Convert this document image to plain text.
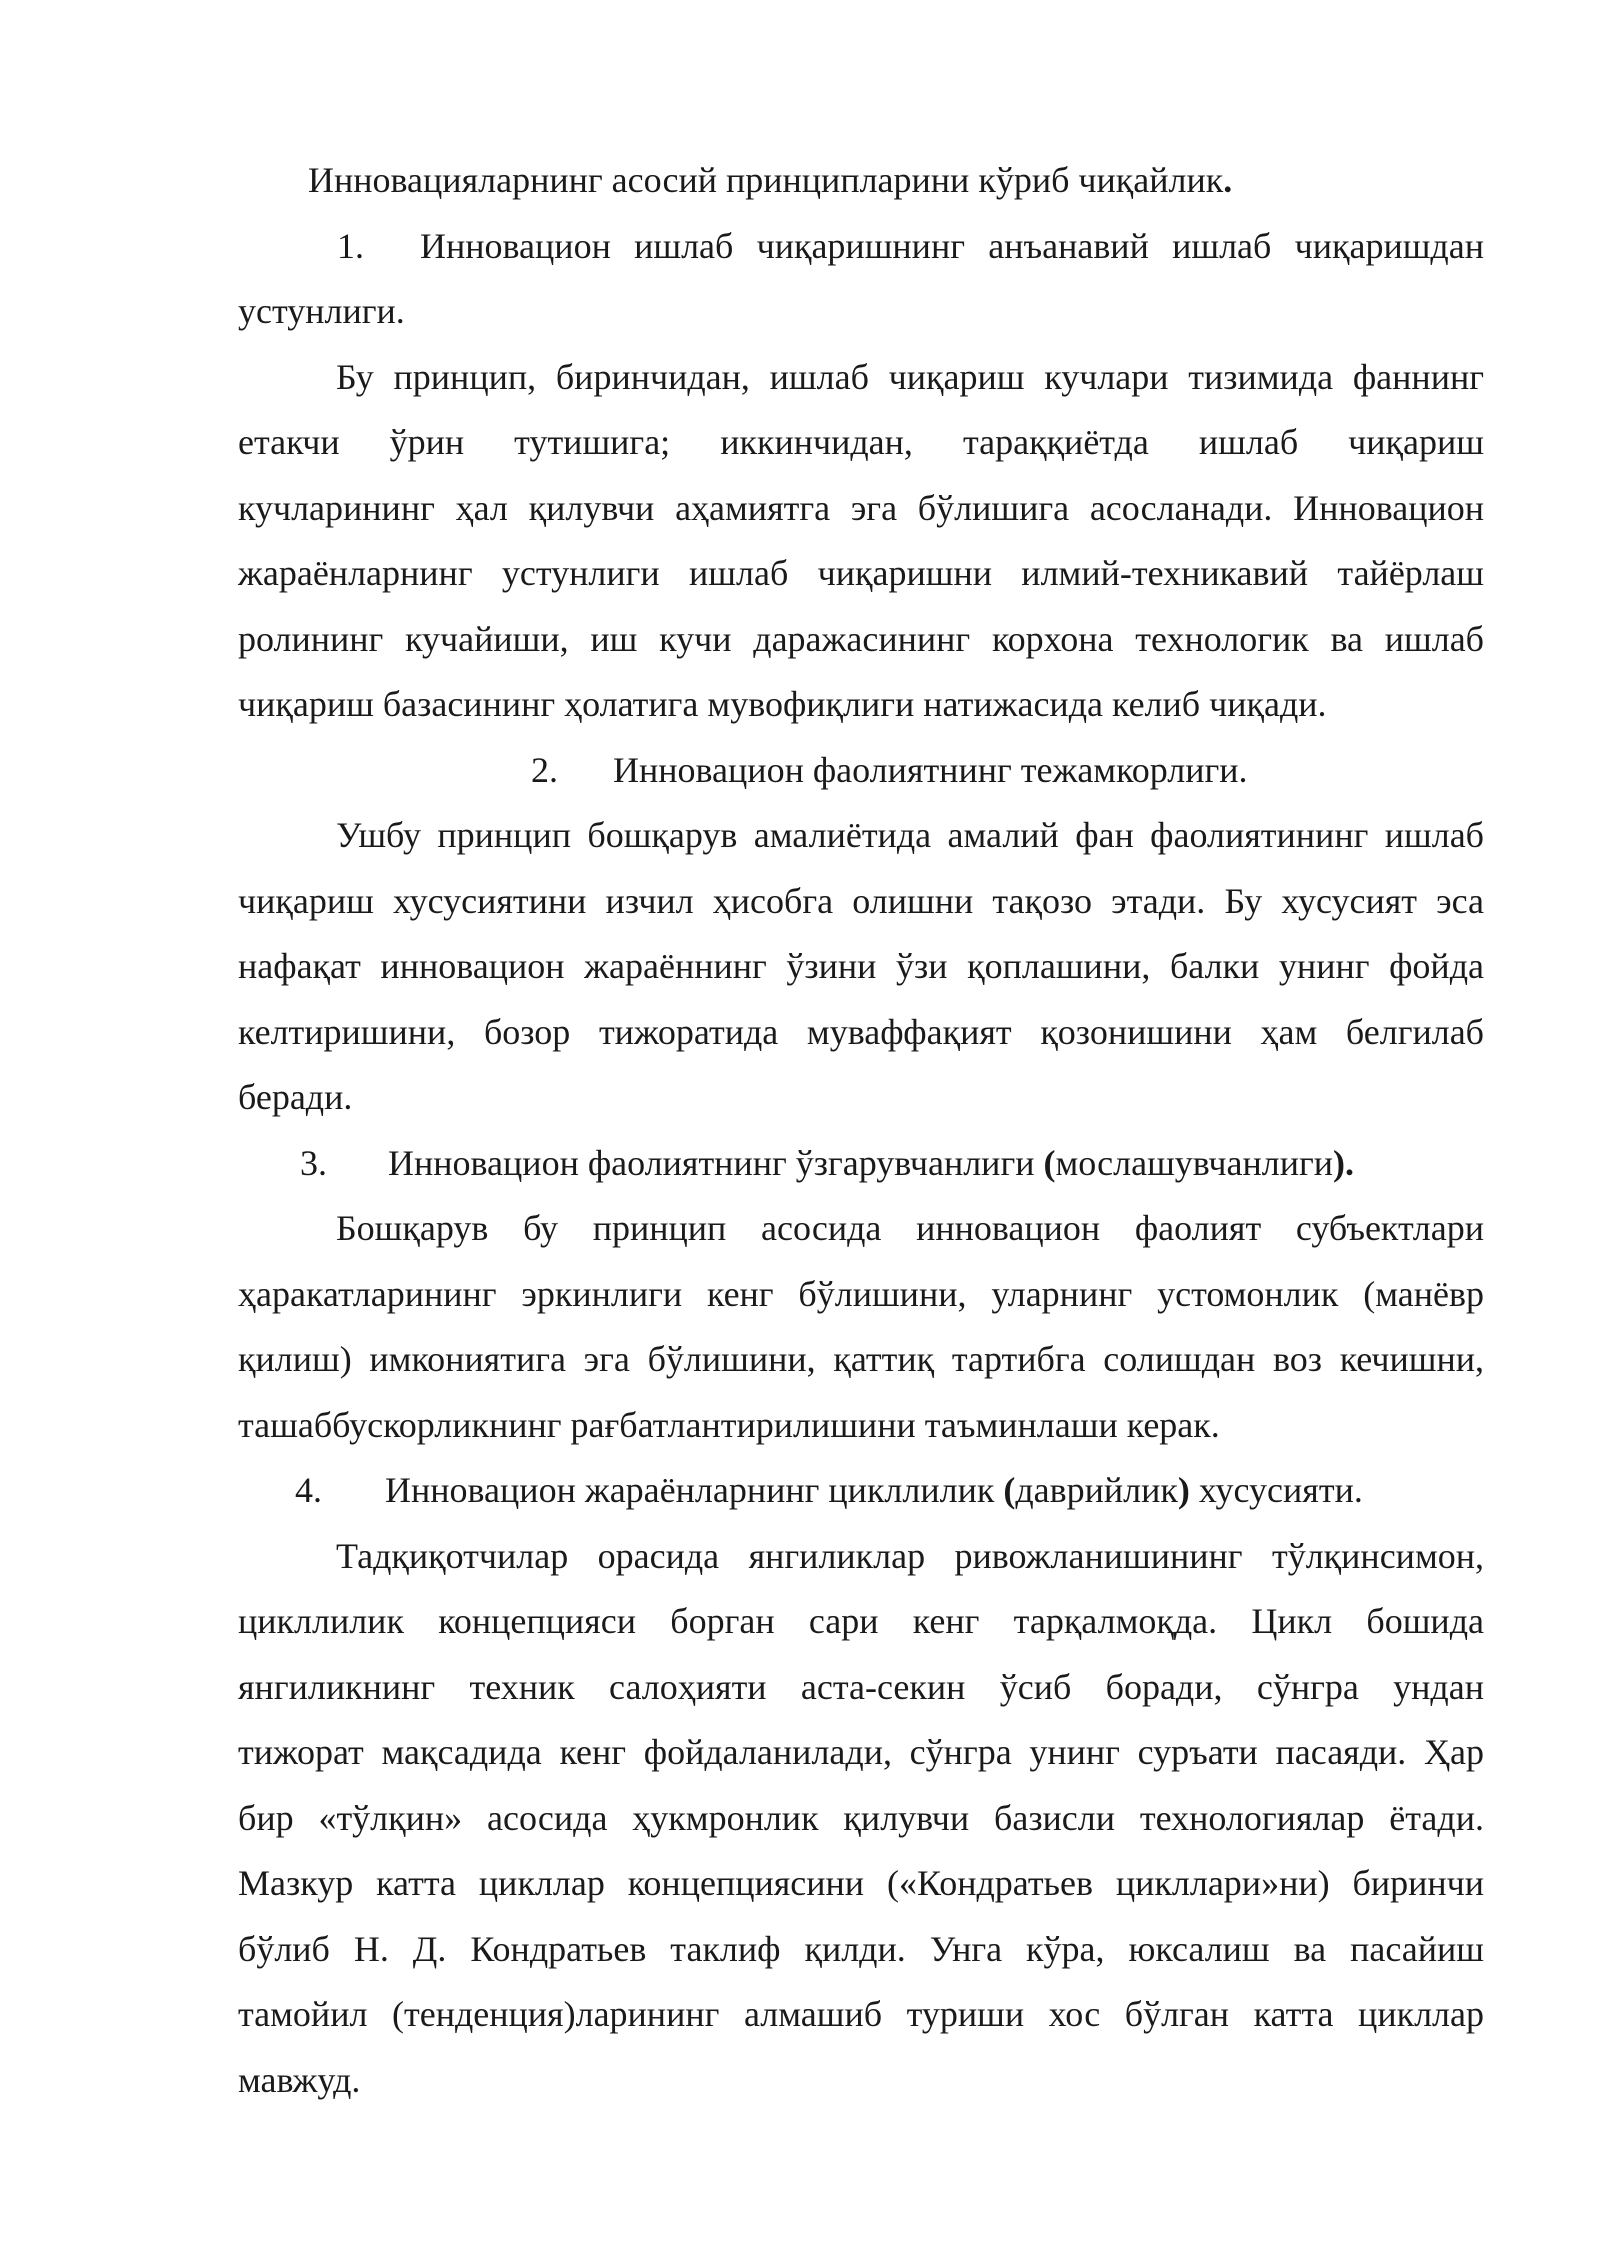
Инновацияларнинг асосий принципларини кўриб чиқайлик.
1. Инновацион ишлаб чиқаришнинг анъанавий ишлаб чиқаришдан
устунлиги.
Бу принцип, биринчидан, ишлаб чиқариш кучлари тизимида фаннинг
етакчи ўрин тутишига; иккинчидан, тараққиётда ишлаб чиқариш
кучларининг ҳал қилувчи аҳамиятга эга бўлишига асосланади. Инновацион
жараёнларнинг устунлиги ишлаб чиқаришни илмий-техникавий тайёрлаш
ролининг кучайиши, иш кучи даражасининг корхона технологик ва ишлаб
чиқариш базасининг ҳолатига мувофиқлиги натижасида келиб чиқади.
2. Инновацион фаолиятнинг тежамкорлиги.
Ушбу принцип бошқарув амалиётида амалий фан фаолиятининг ишлаб
чиқариш хусусиятини изчил ҳисобга олишни тақозо этади. Бу хусусият эса
нафақат инновацион жараённинг ўзини ўзи қоплашини, балки унинг фойда
келтиришини, бозор тижоратида муваффақият қозонишини ҳам белгилаб
беради.
3. Инновацион фаолиятнинг ўзгарувчанлиги (мослашувчанлиги).
Бошқарув бу принцип асосида инновацион фаолият субъектлари
ҳаракатларининг эркинлиги кенг бўлишини, уларнинг устомонлик (манёвр
қилиш) имкониятига эга бўлишини, қаттиқ тартибга солишдан воз кечишни,
ташаббускорликнинг рағбатлантирилишини таъминлаши керак.
4. Инновацион жараёнларнинг цикллилик (даврийлик) хусусияти.
Тадқиқотчилар орасида янгиликлар ривожланишининг тўлқинсимон,
цикллилик концепцияси борган сари кенг тарқалмоқда. Цикл бошида
янгиликнинг техник салоҳияти аста-секин ўсиб боради, сўнгра ундан
тижорат мақсадида кенг фойдаланилади, сўнгра унинг суръати пасаяди. Ҳар
бир «тўлқин» асосида ҳукмронлик қилувчи базисли технологиялар ётади.
Мазкур катта цикллар концепциясини («Кондратьев цикллари»ни) биринчи
бўлиб Н. Д. Кондратьев таклиф қилди. Унга кўра, юксалиш ва пасайиш
тамойил (тенденция)ларининг алмашиб туриши хос бўлган катта цикллар
мавжуд.
